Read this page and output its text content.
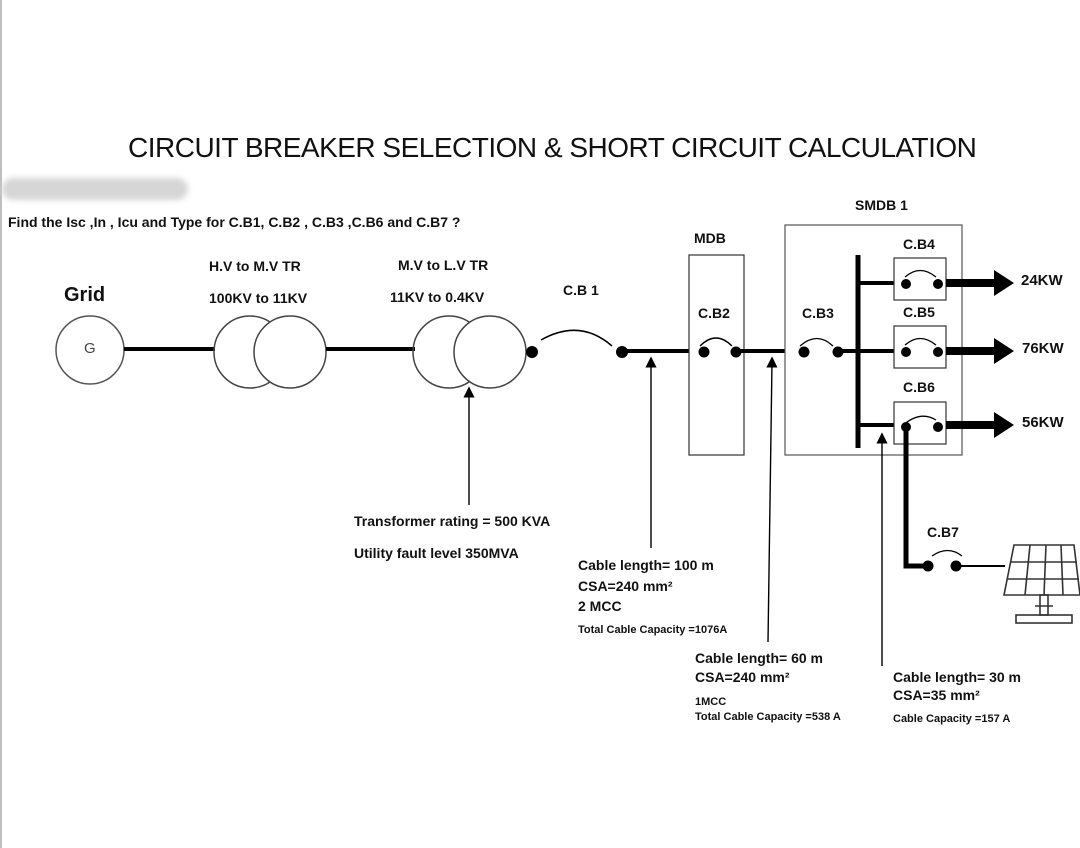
CIRCUIT BREAKER SELECTION & SHORT CIRCUIT CALCULATION
Find the Isc ,In , Icu and Type for C.B1, C.B2 , C.B3 ,C.B6 and C.B7 ?
Grid
G
H.V to M.V TR
100KV to 11KV
M.V to L.V TR
11KV to 0.4KV	C.B 1
MDB
C.B2	C.B3
SMDB 1
C.B4
C.B5
C.B6
24KW
76KW
56KW
C.B7
Transformer rating = 500 KVA
Utility fault level 350MVA
Cable length= 100 m
CSA=240 mm²
2 MCC
Total Cable Capacity =1076A
Cable length= 60 m
CSA=240 mm²
1MCC
Total Cable Capacity =538 A
Cable length= 30 m
CSA=35 mm²
Cable Capacity =157 A
